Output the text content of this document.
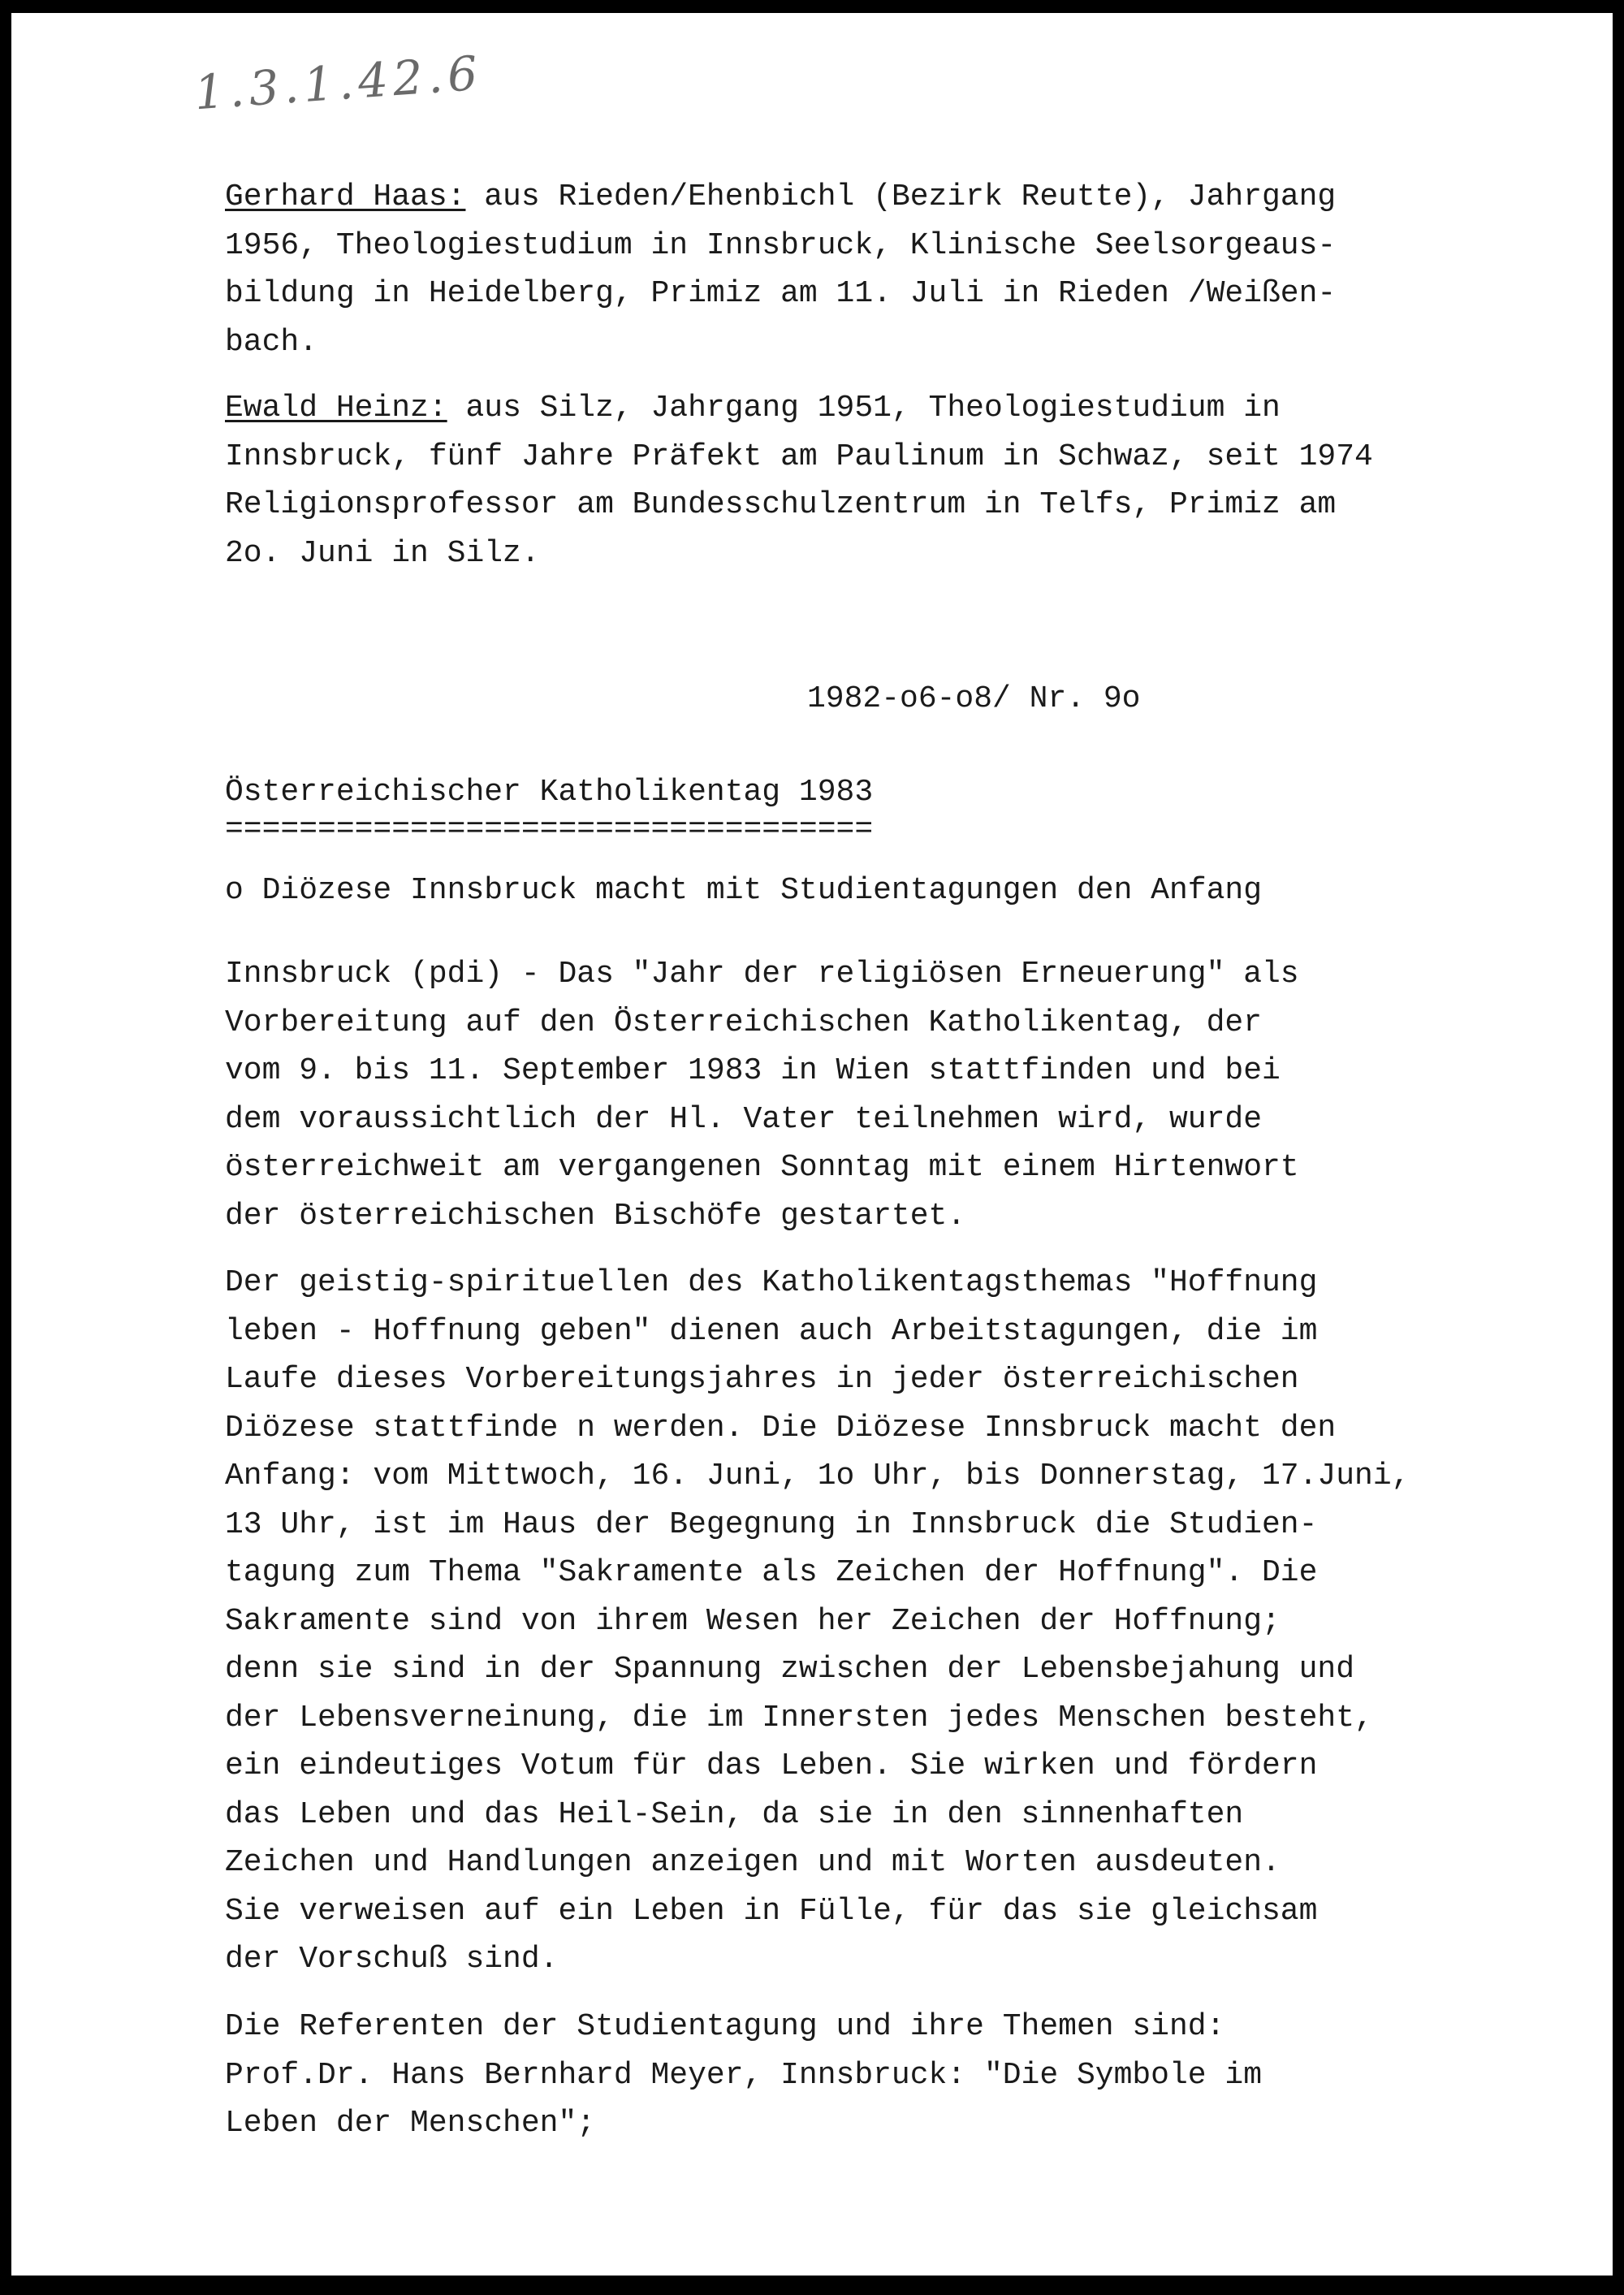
1.3.1.42.6
Gerhard Haas: aus Rieden/Ehenbichl (Bezirk Reutte), Jahrgang
1956, Theologiestudium in Innsbruck, Klinische Seelsorgeaus-
bildung in Heidelberg, Primiz am 11. Juli in Rieden /Weißen-
bach.
Ewald Heinz: aus Silz, Jahrgang 1951, Theologiestudium in
Innsbruck, fünf Jahre Präfekt am Paulinum in Schwaz, seit 1974
Religionsprofessor am Bundesschulzentrum in Telfs, Primiz am
2o. Juni in Silz.
1982-o6-o8/ Nr. 9o
Österreichischer Katholikentag 1983
===================================
o Diözese Innsbruck macht mit Studientagungen den Anfang
Innsbruck (pdi) - Das "Jahr der religiösen Erneuerung" als
Vorbereitung auf den Österreichischen Katholikentag, der
vom 9. bis 11. September 1983 in Wien stattfinden und bei
dem voraussichtlich der Hl. Vater teilnehmen wird, wurde
österreichweit am vergangenen Sonntag mit einem Hirtenwort
der österreichischen Bischöfe gestartet.
Der geistig-spirituellen des Katholikentagsthemas "Hoffnung
leben - Hoffnung geben" dienen auch Arbeitstagungen, die im
Laufe dieses Vorbereitungsjahres in jeder österreichischen
Diözese stattfinde n werden. Die Diözese Innsbruck macht den
Anfang: vom Mittwoch, 16. Juni, 1o Uhr, bis Donnerstag, 17.Juni,
13 Uhr, ist im Haus der Begegnung in Innsbruck die Studien-
tagung zum Thema "Sakramente als Zeichen der Hoffnung". Die
Sakramente sind von ihrem Wesen her Zeichen der Hoffnung;
denn sie sind in der Spannung zwischen der Lebensbejahung und
der Lebensverneinung, die im Innersten jedes Menschen besteht,
ein eindeutiges Votum für das Leben. Sie wirken und fördern
das Leben und das Heil-Sein, da sie in den sinnenhaften
Zeichen und Handlungen anzeigen und mit Worten ausdeuten.
Sie verweisen auf ein Leben in Fülle, für das sie gleichsam
der Vorschuß sind.
Die Referenten der Studientagung und ihre Themen sind:
Prof.Dr. Hans Bernhard Meyer, Innsbruck: "Die Symbole im
Leben der Menschen";
